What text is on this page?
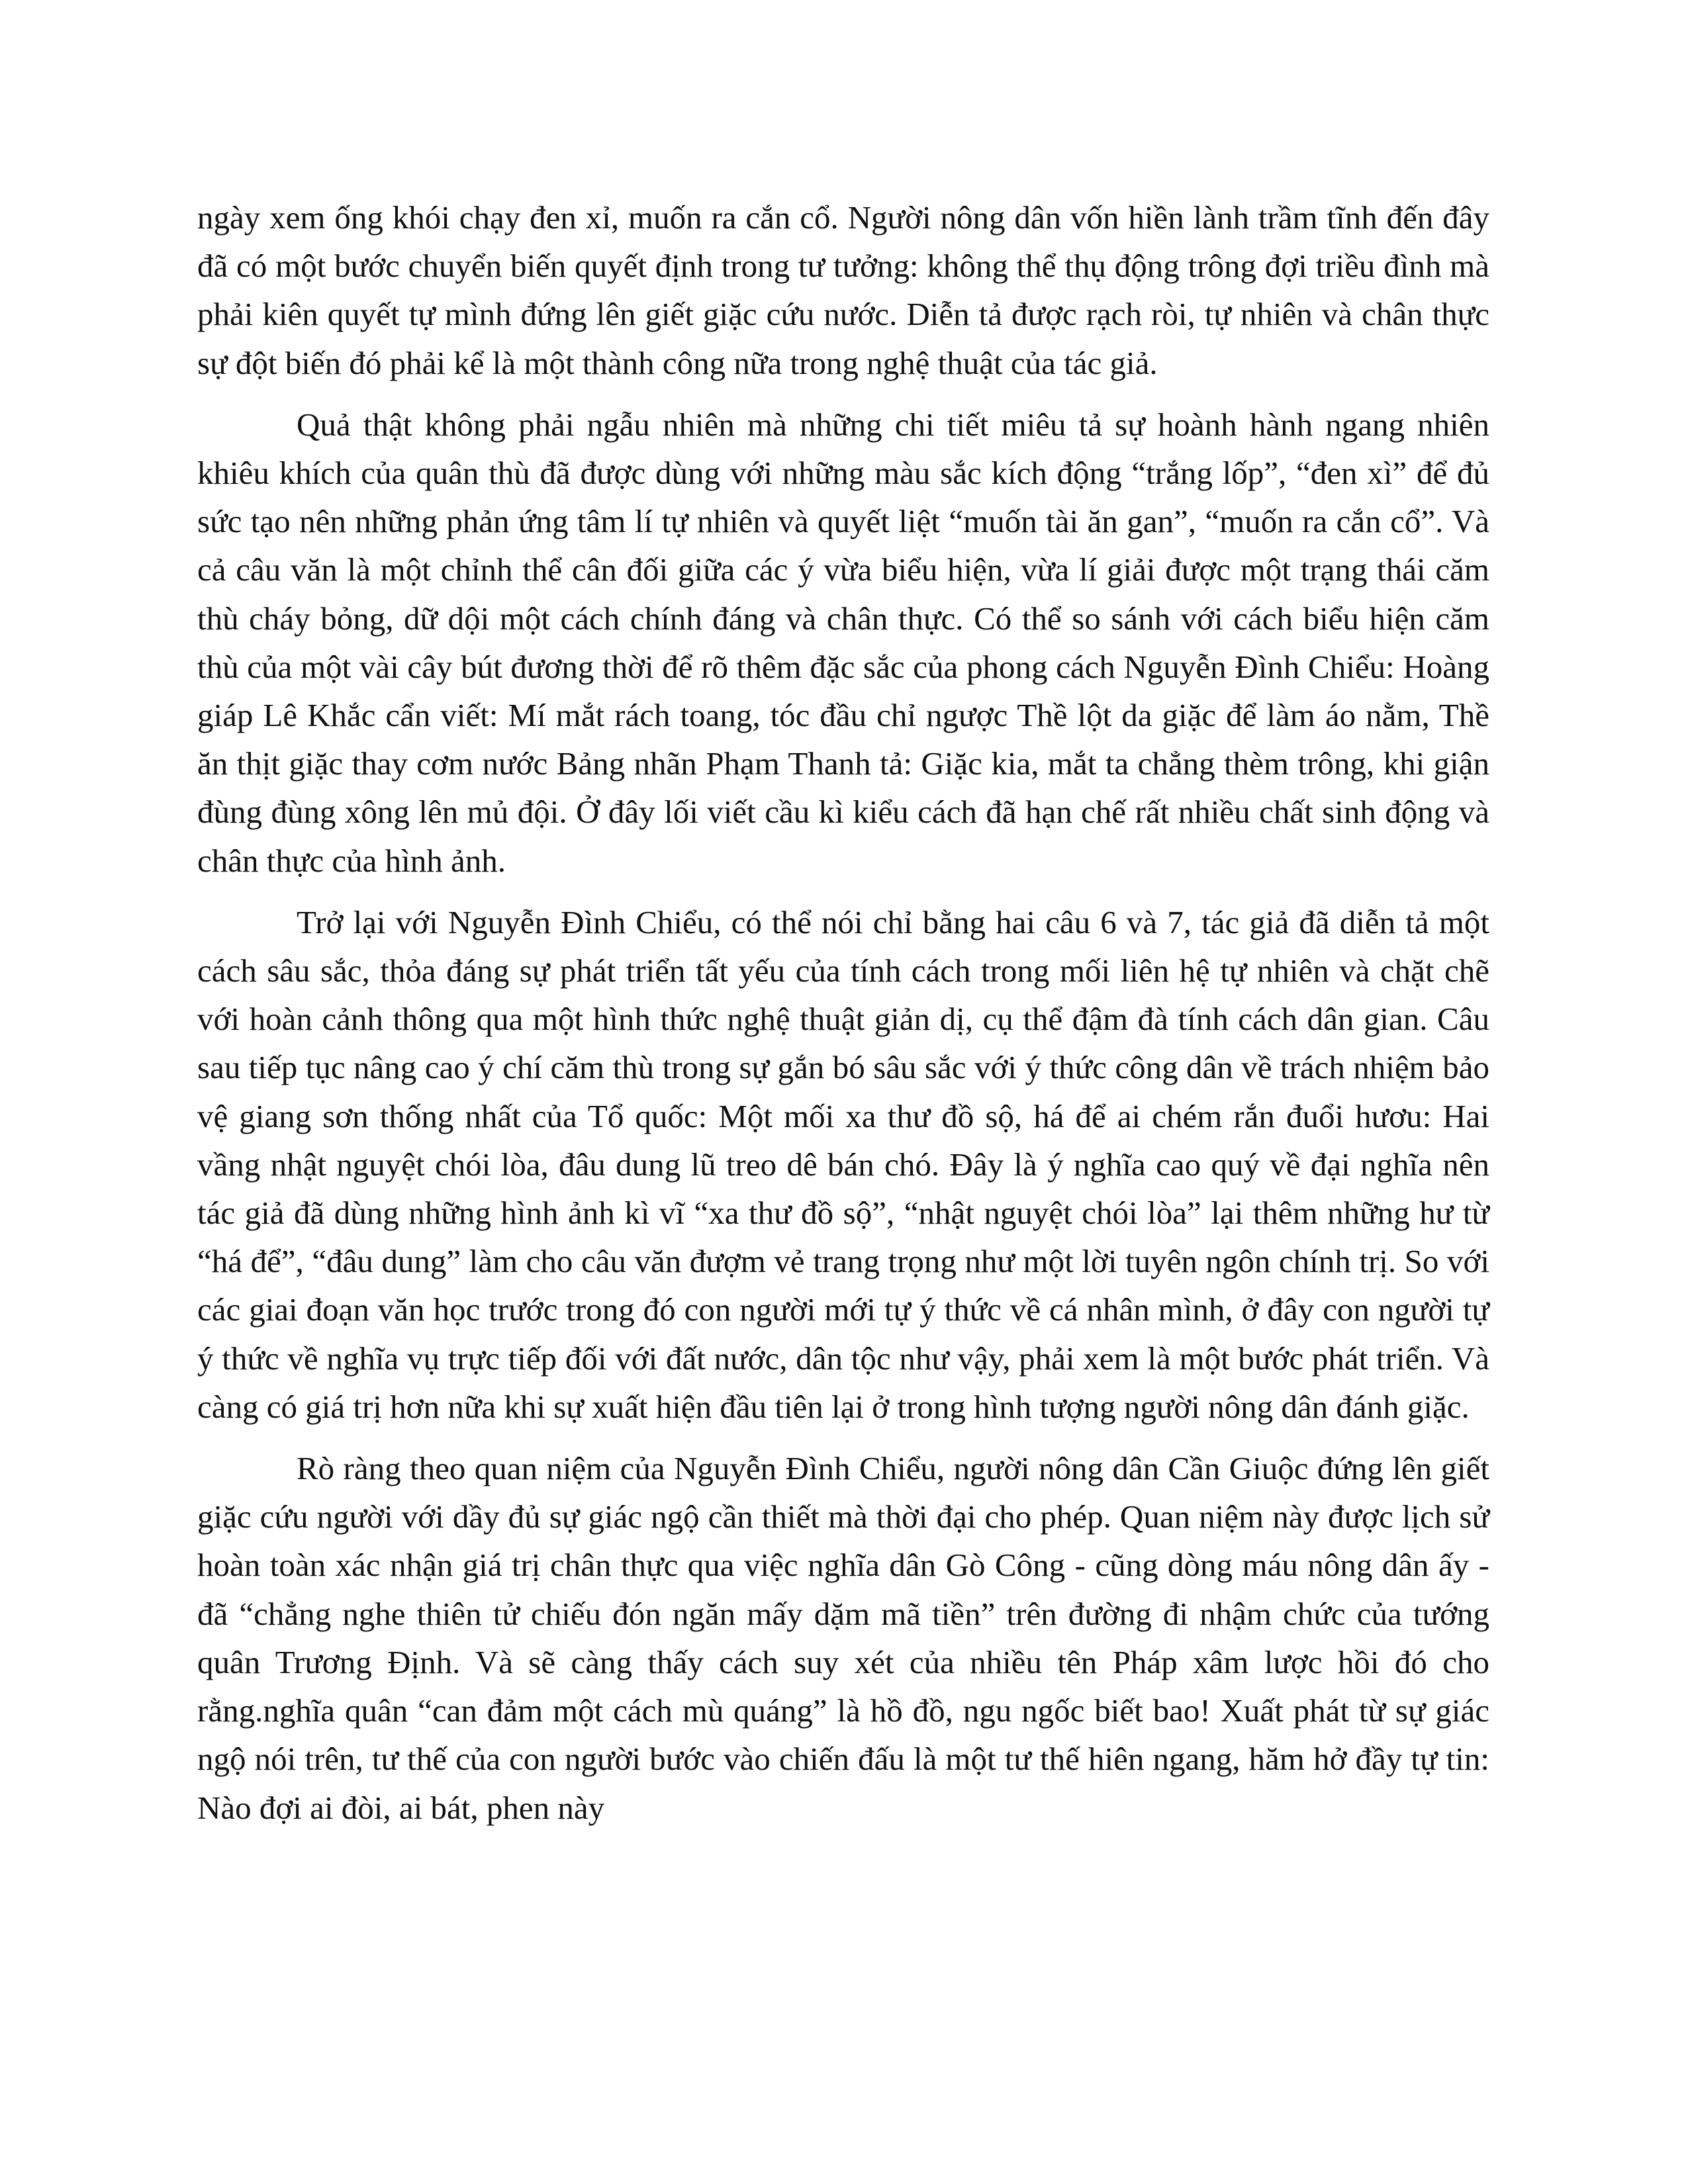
ngày xem ống khói chạy đen xỉ, muốn ra cắn cổ. Người nông dân vốn hiền lành trầm tĩnh đến đây đã có một bước chuyển biến quyết định trong tư tưởng: không thể thụ động trông đợi triều đình mà phải kiên quyết tự mình đứng lên giết giặc cứu nước. Diễn tả được rạch ròi, tự nhiên và chân thực sự đột biến đó phải kể là một thành công nữa trong nghệ thuật của tác giả.

Quả thật không phải ngẫu nhiên mà những chi tiết miêu tả sự hoành hành ngang nhiên khiêu khích của quân thù đã được dùng với những màu sắc kích động “trắng lốp”, “đen xì” để đủ sức tạo nên những phản ứng tâm lí tự nhiên và quyết liệt “muốn tài ăn gan”, “muốn ra cắn cổ”. Và cả câu văn là một chỉnh thể cân đối giữa các ý vừa biểu hiện, vừa lí giải được một trạng thái căm thù cháy bỏng, dữ dội một cách chính đáng và chân thực. Có thể so sánh với cách biểu hiện căm thù của một vài cây bút đương thời để rõ thêm đặc sắc của phong cách Nguyễn Đình Chiểu: Hoàng giáp Lê Khắc cẩn viết: Mí mắt rách toang, tóc đầu chỉ ngược Thề lột da giặc để làm áo nằm, Thề ăn thịt giặc thay cơm nước Bảng nhãn Phạm Thanh tả: Giặc kia, mắt ta chẳng thèm trông, khi giận đùng đùng xông lên mủ đội. Ở đây lối viết cầu kì kiểu cách đã hạn chế rất nhiều chất sinh động và chân thực của hình ảnh.

Trở lại với Nguyễn Đình Chiểu, có thể nói chỉ bằng hai câu 6 và 7, tác giả đã diễn tả một cách sâu sắc, thỏa đáng sự phát triển tất yếu của tính cách trong mối liên hệ tự nhiên và chặt chẽ với hoàn cảnh thông qua một hình thức nghệ thuật giản dị, cụ thể đậm đà tính cách dân gian. Câu sau tiếp tục nâng cao ý chí căm thù trong sự gắn bó sâu sắc với ý thức công dân về trách nhiệm bảo vệ giang sơn thống nhất của Tổ quốc: Một mối xa thư đồ sộ, há để ai chém rắn đuổi hươu: Hai vầng nhật nguyệt chói lòa, đâu dung lũ treo dê bán chó. Đây là ý nghĩa cao quý về đại nghĩa nên tác giả đã dùng những hình ảnh kì vĩ “xa thư đồ sộ”, “nhật nguyệt chói lòa” lại thêm những hư từ “há để”, “đâu dung” làm cho câu văn đượm vẻ trang trọng như một lời tuyên ngôn chính trị. So với các giai đoạn văn học trước trong đó con người mới tự ý thức về cá nhân mình, ở đây con người tự ý thức về nghĩa vụ trực tiếp đối với đất nước, dân tộc như vậy, phải xem là một bước phát triển. Và càng có giá trị hơn nữa khi sự xuất hiện đầu tiên lại ở trong hình tượng người nông dân đánh giặc.

Rò ràng theo quan niệm của Nguyễn Đình Chiểu, người nông dân Cần Giuộc đứng lên giết giặc cứu người với dầy đủ sự giác ngộ cần thiết mà thời đại cho phép. Quan niệm này được lịch sử hoàn toàn xác nhận giá trị chân thực qua việc nghĩa dân Gò Công - cũng dòng máu nông dân ấy - đã “chẳng nghe thiên tử chiếu đón ngăn mấy dặm mã tiền” trên đường đi nhậm chức của tướng quân Trương Định. Và sẽ càng thấy cách suy xét của nhiều tên Pháp xâm lược hồi đó cho rằng.nghĩa quân “can đảm một cách mù quáng” là hồ đồ, ngu ngốc biết bao! Xuất phát từ sự giác ngộ nói trên, tư thế của con người bước vào chiến đấu là một tư thế hiên ngang, hăm hở đầy tự tin: Nào đợi ai đòi, ai bát, phen này
